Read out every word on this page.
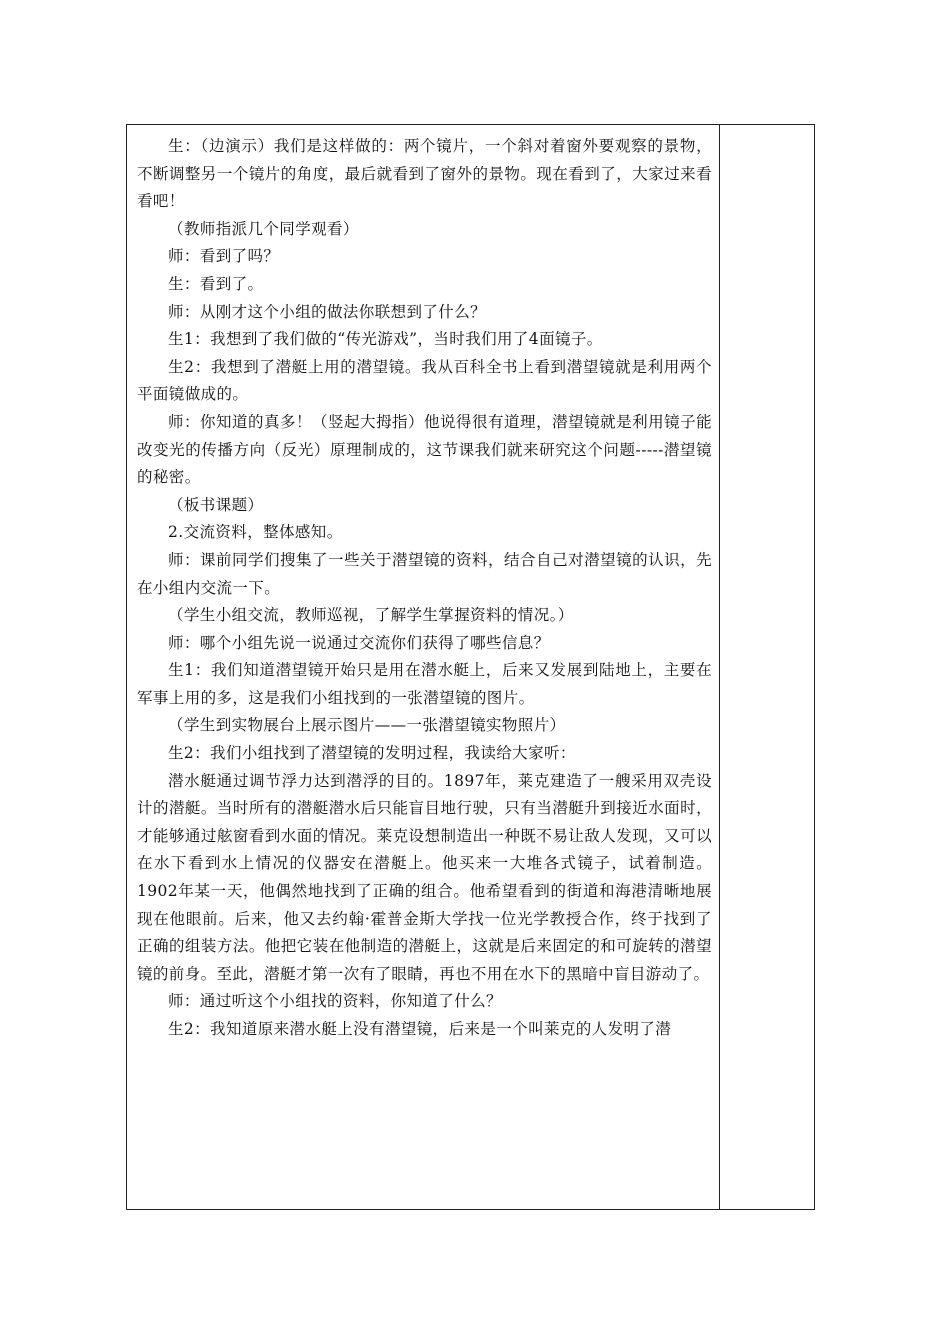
生：（边演示）我们是这样做的：两个镜片，一个斜对着窗外要观察的景物，不断调整另一个镜片的角度，最后就看到了窗外的景物。现在看到了，大家过来看看吧！

（教师指派几个同学观看）

师：看到了吗？

生：看到了。

师：从刚才这个小组的做法你联想到了什么？

生1：我想到了我们做的“传光游戏”，当时我们用了4面镜子。

生2：我想到了潜艇上用的潜望镜。我从百科全书上看到潜望镜就是利用两个平面镜做成的。

师：你知道的真多！（竖起大拇指）他说得很有道理，潜望镜就是利用镜子能改变光的传播方向（反光）原理制成的，这节课我们就来研究这个问题-----潜望镜的秘密。

（板书课题）

2.交流资料，整体感知。

师：课前同学们搜集了一些关于潜望镜的资料，结合自己对潜望镜的认识，先在小组内交流一下。

（学生小组交流，教师巡视，了解学生掌握资料的情况。）

师：哪个小组先说一说通过交流你们获得了哪些信息？

生1：我们知道潜望镜开始只是用在潜水艇上，后来又发展到陆地上，主要在军事上用的多，这是我们小组找到的一张潜望镜的图片。

（学生到实物展台上展示图片——一张潜望镜实物照片）

生2：我们小组找到了潜望镜的发明过程，我读给大家听：

潜水艇通过调节浮力达到潜浮的目的。1897年，莱克建造了一艘采用双壳设计的潜艇。当时所有的潜艇潜水后只能盲目地行驶，只有当潜艇升到接近水面时，才能够通过舷窗看到水面的情况。莱克设想制造出一种既不易让敌人发现，又可以在水下看到水上情况的仪器安在潜艇上。他买来一大堆各式镜子，试着制造。1902年某一天，他偶然地找到了正确的组合。他希望看到的街道和海港清晰地展现在他眼前。后来，他又去约翰·霍普金斯大学找一位光学教授合作，终于找到了正确的组装方法。他把它装在他制造的潜艇上，这就是后来固定的和可旋转的潜望镜的前身。至此，潜艇才第一次有了眼睛，再也不用在水下的黑暗中盲目游动了。

师：通过听这个小组找的资料，你知道了什么？

生2：我知道原来潜水艇上没有潜望镜，后来是一个叫莱克的人发明了潜
